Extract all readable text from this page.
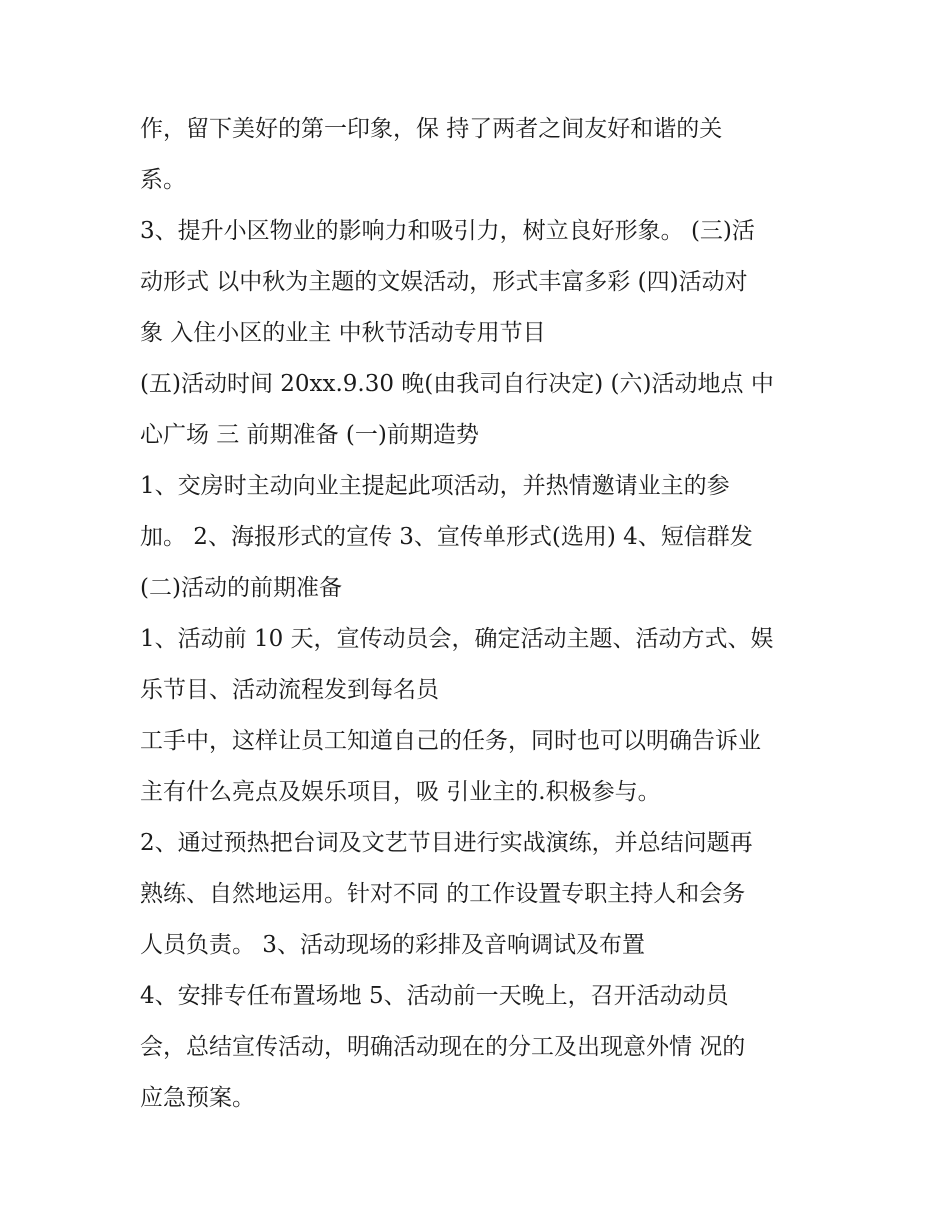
作，留下美好的第一印象，保 持了两者之间友好和谐的关
系。
3、提升小区物业的影响力和吸引力，树立良好形象。 (三)活
动形式 以中秋为主题的文娱活动，形式丰富多彩 (四)活动对
象 入住小区的业主 中秋节活动专用节目
(五)活动时间 20xx.9.30 晚(由我司自行决定) (六)活动地点 中
心广场 三 前期准备 (一)前期造势
1、交房时主动向业主提起此项活动，并热情邀请业主的参
加。 2、海报形式的宣传 3、宣传单形式(选用) 4、短信群发
(二)活动的前期准备
1、活动前 10 天，宣传动员会，确定活动主题、活动方式、娱
乐节目、活动流程发到每名员
工手中，这样让员工知道自己的任务，同时也可以明确告诉业
主有什么亮点及娱乐项目，吸 引业主的.积极参与。
2、通过预热把台词及文艺节目进行实战演练，并总结问题再
熟练、自然地运用。针对不同 的工作设置专职主持人和会务
人员负责。 3、活动现场的彩排及音响调试及布置
4、安排专任布置场地 5、活动前一天晚上，召开活动动员
会，总结宣传活动，明确活动现在的分工及出现意外情 况的
应急预案。
